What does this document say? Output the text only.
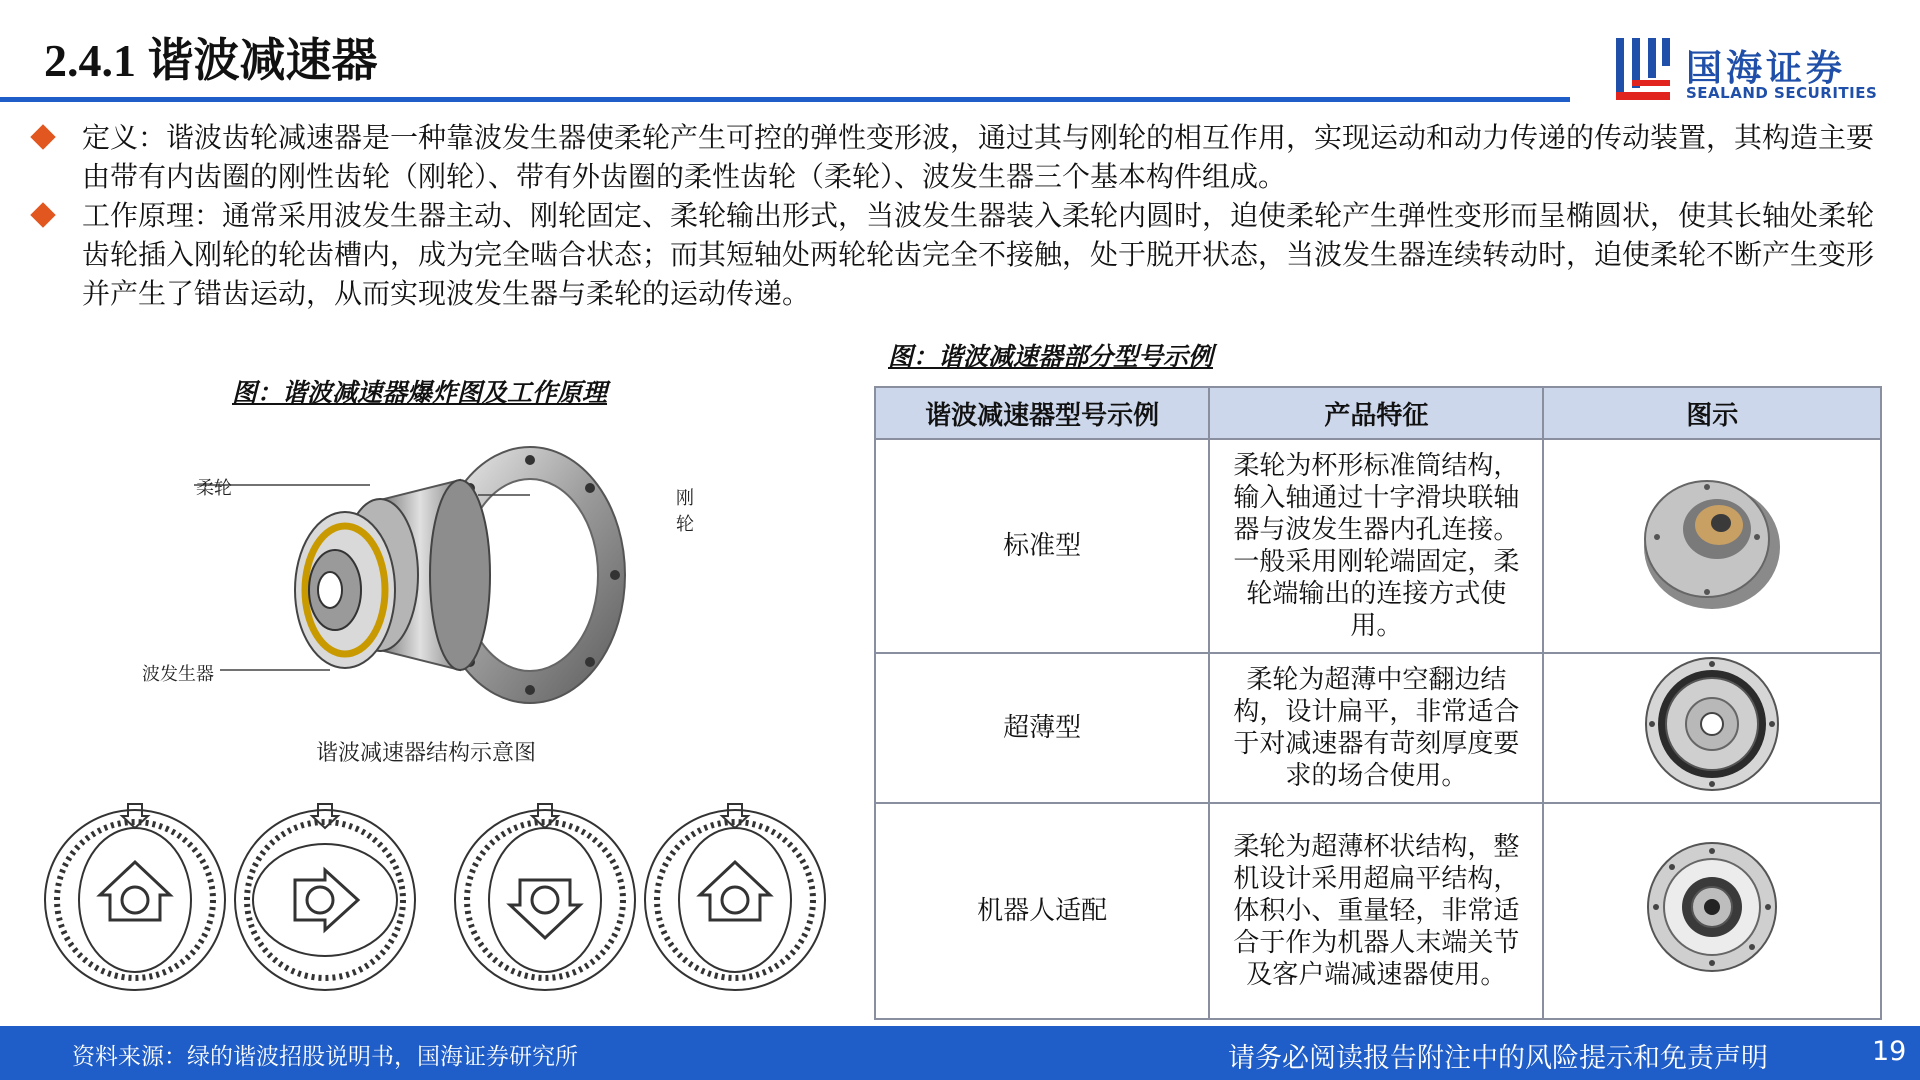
2.4.1 谐波减速器	国海证券
SEALAND SECURITIES
定义：谐波齿轮减速器是一种靠波发生器使柔轮产生可控的弹性变形波，通过其与刚轮的相互作用，实现运动和动力传递的传动装置，其构造主要由带有内齿圈的刚性齿轮（刚轮）、带有外齿圈的柔性齿轮（柔轮）、波发生器三个基本构件组成。
工作原理：通常采用波发生器主动、刚轮固定、柔轮输出形式，当波发生器装入柔轮内圆时，迫使柔轮产生弹性变形而呈椭圆状，使其长轴处柔轮齿轮插入刚轮的轮齿槽内，成为完全啮合状态；而其短轴处两轮轮齿完全不接触，处于脱开状态，当波发生器连续转动时，迫使柔轮不断产生变形并产生了错齿运动，从而实现波发生器与柔轮的运动传递。
图：谐波减速器爆炸图及工作原理
柔轮	刚轮
波发生器
谐波减速器结构示意图
图：谐波减速器部分型号示例
谐波减速器型号示例	产品特征	图示
标准型	柔轮为杯形标准筒结构，输入轴通过十字滑块联轴器与波发生器内孔连接。一般采用刚轮端固定，柔轮端输出的连接方式使用。	
超薄型	柔轮为超薄中空翻边结构，设计扁平，非常适合于对减速器有苛刻厚度要求的场合使用。	
机器人适配	柔轮为超薄杯状结构，整机设计采用超扁平结构，体积小、重量轻，非常适合于作为机器人末端关节及客户端减速器使用。	
资料来源：绿的谐波招股说明书，国海证券研究所	请务必阅读报告附注中的风险提示和免责声明	19
